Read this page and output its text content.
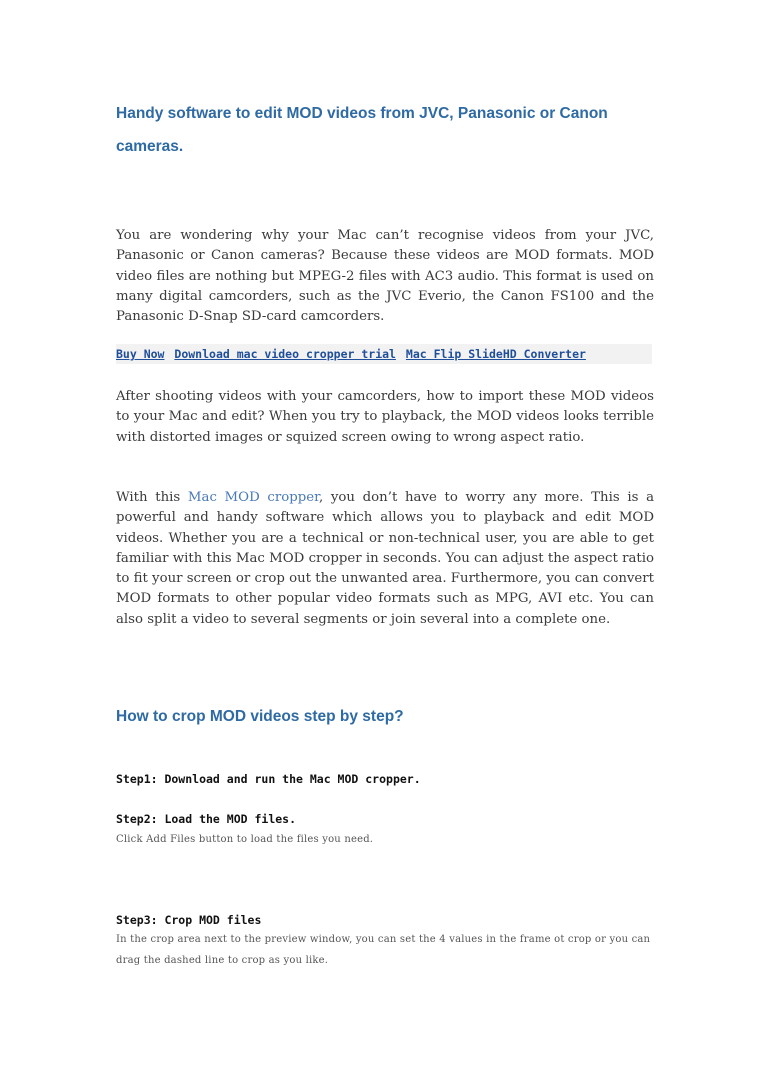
Handy software to edit MOD videos from JVC, Panasonic or Canon
cameras.

You are wondering why your Mac can’t recognise videos from your JVC, Panasonic or Canon cameras? Because these videos are MOD formats. MOD video files are nothing but MPEG-2 files with AC3 audio. This format is used on many digital camcorders, such as the JVC Everio, the Canon FS100 and the Panasonic D-Snap SD-card camcorders.

Buy Now Download mac video cropper trial Mac Flip SlideHD Converter

After shooting videos with your camcorders, how to import these MOD videos to your Mac and edit? When you try to playback, the MOD videos looks terrible with distorted images or squized screen owing to wrong aspect ratio.

With this Mac MOD cropper, you don’t have to worry any more. This is a powerful and handy software which allows you to playback and edit MOD videos. Whether you are a technical or non-technical user, you are able to get familiar with this Mac MOD cropper in seconds. You can adjust the aspect ratio to fit your screen or crop out the unwanted area. Furthermore, you can convert MOD formats to other popular video formats such as MPG, AVI etc. You can also split a video to several segments or join several into a complete one.

How to crop MOD videos step by step?

Step1: Download and run the Mac MOD cropper.

Step2: Load the MOD files.

Click Add Files button to load the files you need.

Step3: Crop MOD files

In the crop area next to the preview window, you can set the 4 values in the frame ot crop or you can drag the dashed line to crop as you like.
